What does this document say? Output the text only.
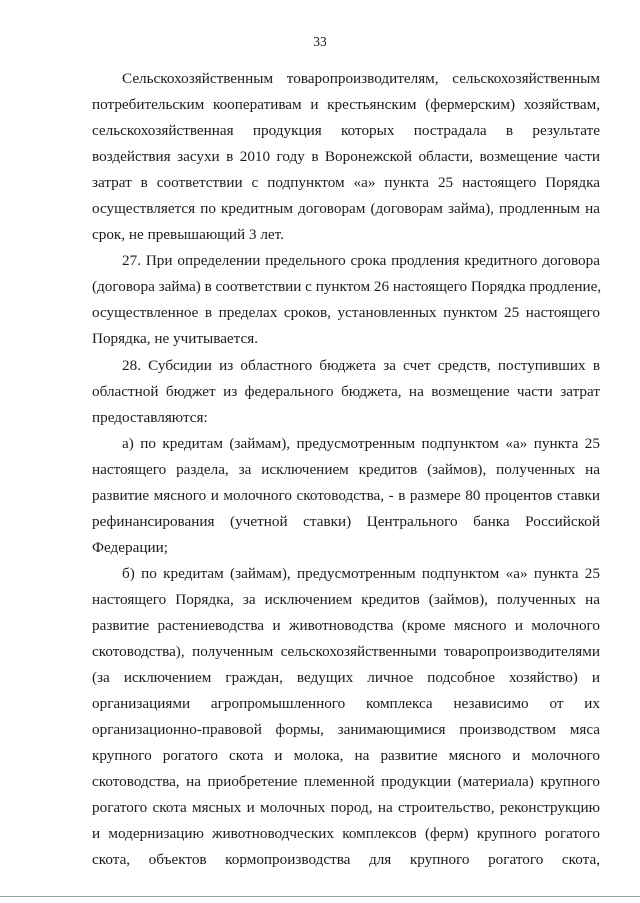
33
Сельскохозяйственным товаропроизводителям, сельскохозяйственным
потребительским кооперативам и крестьянским (фермерским) хозяйствам,
сельскохозяйственная продукция которых пострадала в результате
воздействия засухи в 2010 году в Воронежской области, возмещение части
затрат в соответствии с подпунктом «а» пункта 25 настоящего Порядка
осуществляется по кредитным договорам (договорам займа), продленным на
срок, не превышающий 3 лет.
27. При определении предельного срока продления кредитного договора
(договора займа) в соответствии с пунктом 26 настоящего Порядка продление,
осуществленное в пределах сроков, установленных пунктом 25 настоящего
Порядка, не учитывается.
28. Субсидии из областного бюджета за счет средств, поступивших в
областной бюджет из федерального бюджета, на возмещение части затрат
предоставляются:
а) по кредитам (займам), предусмотренным подпунктом «а» пункта 25
настоящего раздела, за исключением кредитов (займов), полученных на
развитие мясного и молочного скотоводства, - в размере 80 процентов ставки
рефинансирования (учетной ставки) Центрального банка Российской
Федерации;
б) по кредитам (займам), предусмотренным подпунктом «а» пункта 25
настоящего Порядка, за исключением кредитов (займов), полученных на
развитие растениеводства и животноводства (кроме мясного и молочного
скотоводства), полученным сельскохозяйственными товаропроизводителями
(за исключением граждан, ведущих личное подсобное хозяйство) и
организациями агропромышленного комплекса независимо от их
организационно-правовой формы, занимающимися производством мяса
крупного рогатого скота и молока, на развитие мясного и молочного
скотоводства, на приобретение племенной продукции (материала) крупного
рогатого скота мясных и молочных пород, на строительство, реконструкцию
и модернизацию животноводческих комплексов (ферм) крупного рогатого
скота, объектов кормопроизводства для крупного рогатого скота,
